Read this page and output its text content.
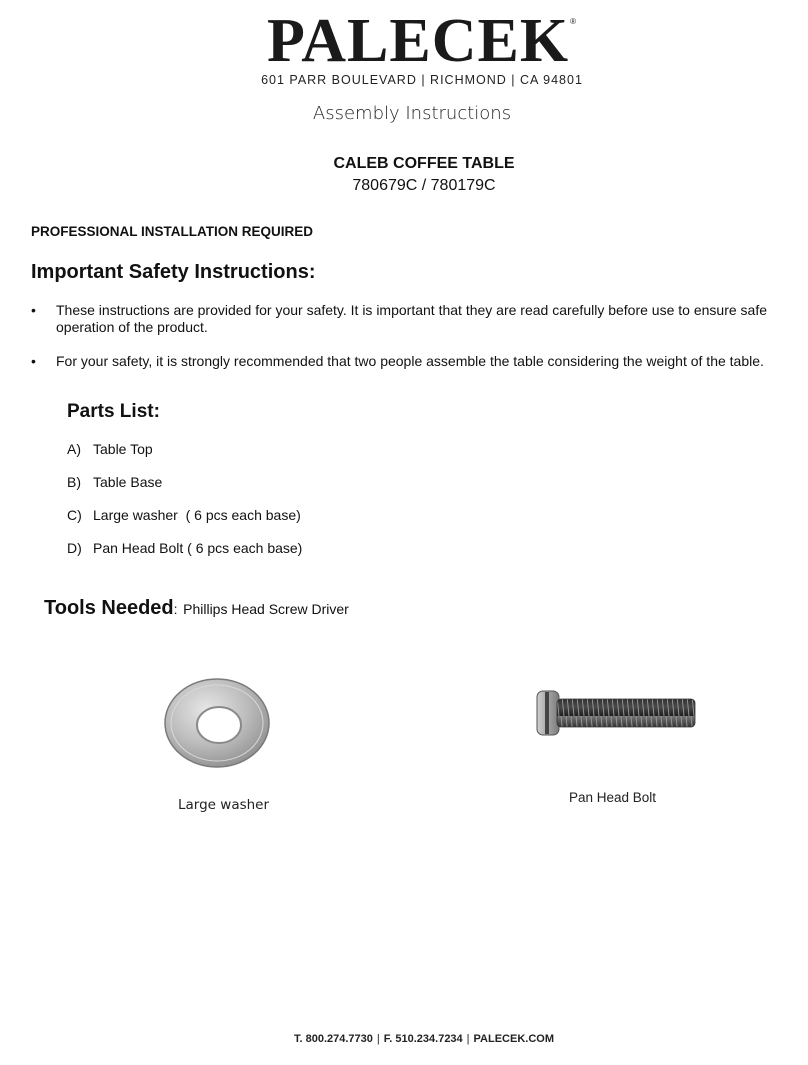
PALECEK®
601 PARR BOULEVARD | RICHMOND | CA 94801
Assembly Instructions
CALEB COFFEE TABLE
780679C / 780179C
PROFESSIONAL INSTALLATION REQUIRED
Important Safety Instructions:
•	These instructions are provided for your safety. It is important that they are read carefully before use to ensure safe operation of the product.
•	For your safety, it is strongly recommended that two people assemble the table considering the weight of the table.
Parts List:
A) Table Top
B) Table Base
C) Large washer  ( 6 pcs each base)
D) Pan Head Bolt ( 6 pcs each base)
Tools Needed: Phillips Head Screw Driver
Large washer	Pan Head Bolt
T. 800.274.7730 | F. 510.234.7234 | PALECEK.COM
